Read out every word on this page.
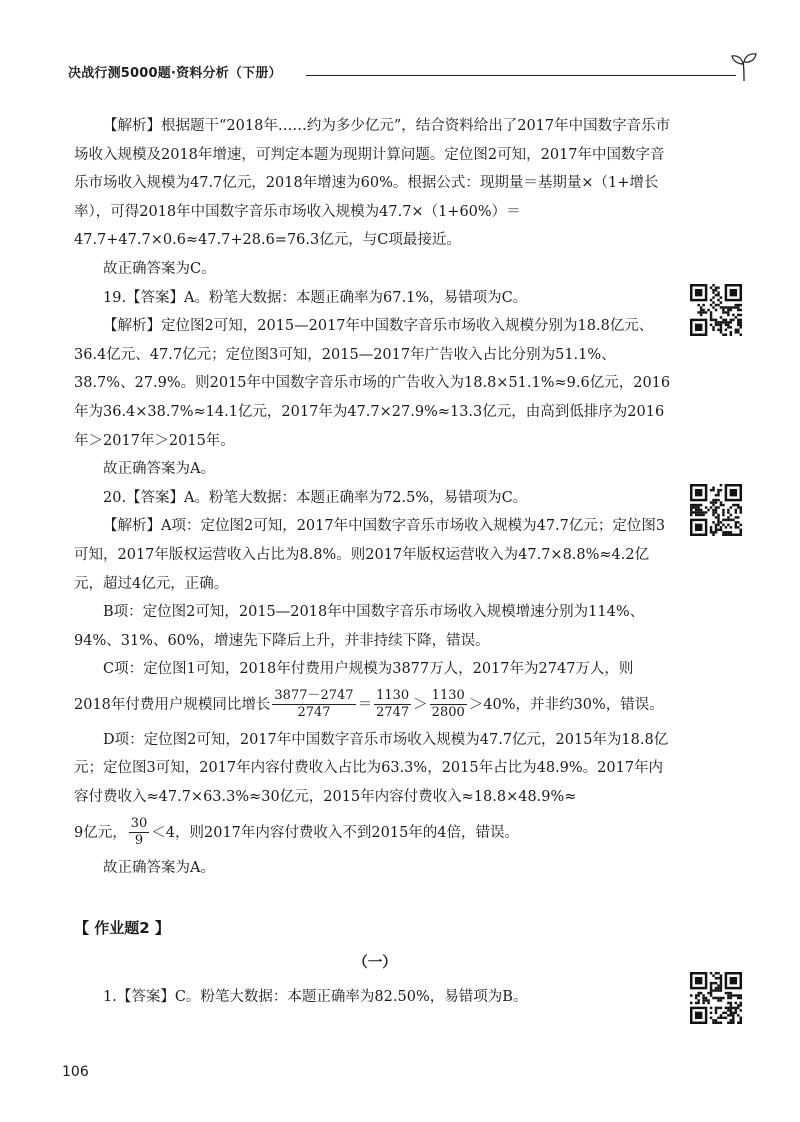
决战行测5000题·资料分析（下册）

【解析】根据题干“2018年……约为多少亿元”，结合资料给出了2017年中国数字音乐市场收入规模及2018年增速，可判定本题为现期计算问题。定位图2可知，2017年中国数字音乐市场收入规模为47.7亿元，2018年增速为60%。根据公式：现期量＝基期量×（1+增长率），可得2018年中国数字音乐市场收入规模为47.7×（1+60%）＝47.7+47.7×0.6≈47.7+28.6=76.3亿元，与C项最接近。

故正确答案为C。

19.【答案】A。粉笔大数据：本题正确率为67.1%，易错项为C。

【解析】定位图2可知，2015—2017年中国数字音乐市场收入规模分别为18.8亿元、36.4亿元、47.7亿元；定位图3可知，2015—2017年广告收入占比分别为51.1%、38.7%、27.9%。则2015年中国数字音乐市场的广告收入为18.8×51.1%≈9.6亿元，2016年为36.4×38.7%≈14.1亿元，2017年为47.7×27.9%≈13.3亿元，由高到低排序为2016年＞2017年＞2015年。

故正确答案为A。

20.【答案】A。粉笔大数据：本题正确率为72.5%，易错项为C。

【解析】A项：定位图2可知，2017年中国数字音乐市场收入规模为47.7亿元；定位图3可知，2017年版权运营收入占比为8.8%。则2017年版权运营收入为47.7×8.8%≈4.2亿元，超过4亿元，正确。

B项：定位图2可知，2015—2018年中国数字音乐市场收入规模增速分别为114%、94%、31%、60%，增速先下降后上升，并非持续下降，错误。

C项：定位图1可知，2018年付费用户规模为3877万人，2017年为2747万人，则

2018年付费用户规模同比增长 $\frac{3877-2747}{2747} = \frac{1130}{2747} > \frac{1130}{2800} >40\%$，并非约30%，错误。

D项：定位图2可知，2017年中国数字音乐市场收入规模为47.7亿元，2015年为18.8亿元；定位图3可知，2017年内容付费收入占比为63.3%，2015年占比为48.9%。2017年内容付费收入≈47.7×63.3%≈30亿元，2015年内容付费收入≈18.8×48.9%≈

9亿元， $\frac{30}{9} <4$，则2017年内容付费收入不到2015年的4倍，错误。

故正确答案为A。

【 作业题2 】

（一）

1.【答案】C。粉笔大数据：本题正确率为82.50%，易错项为B。

106
